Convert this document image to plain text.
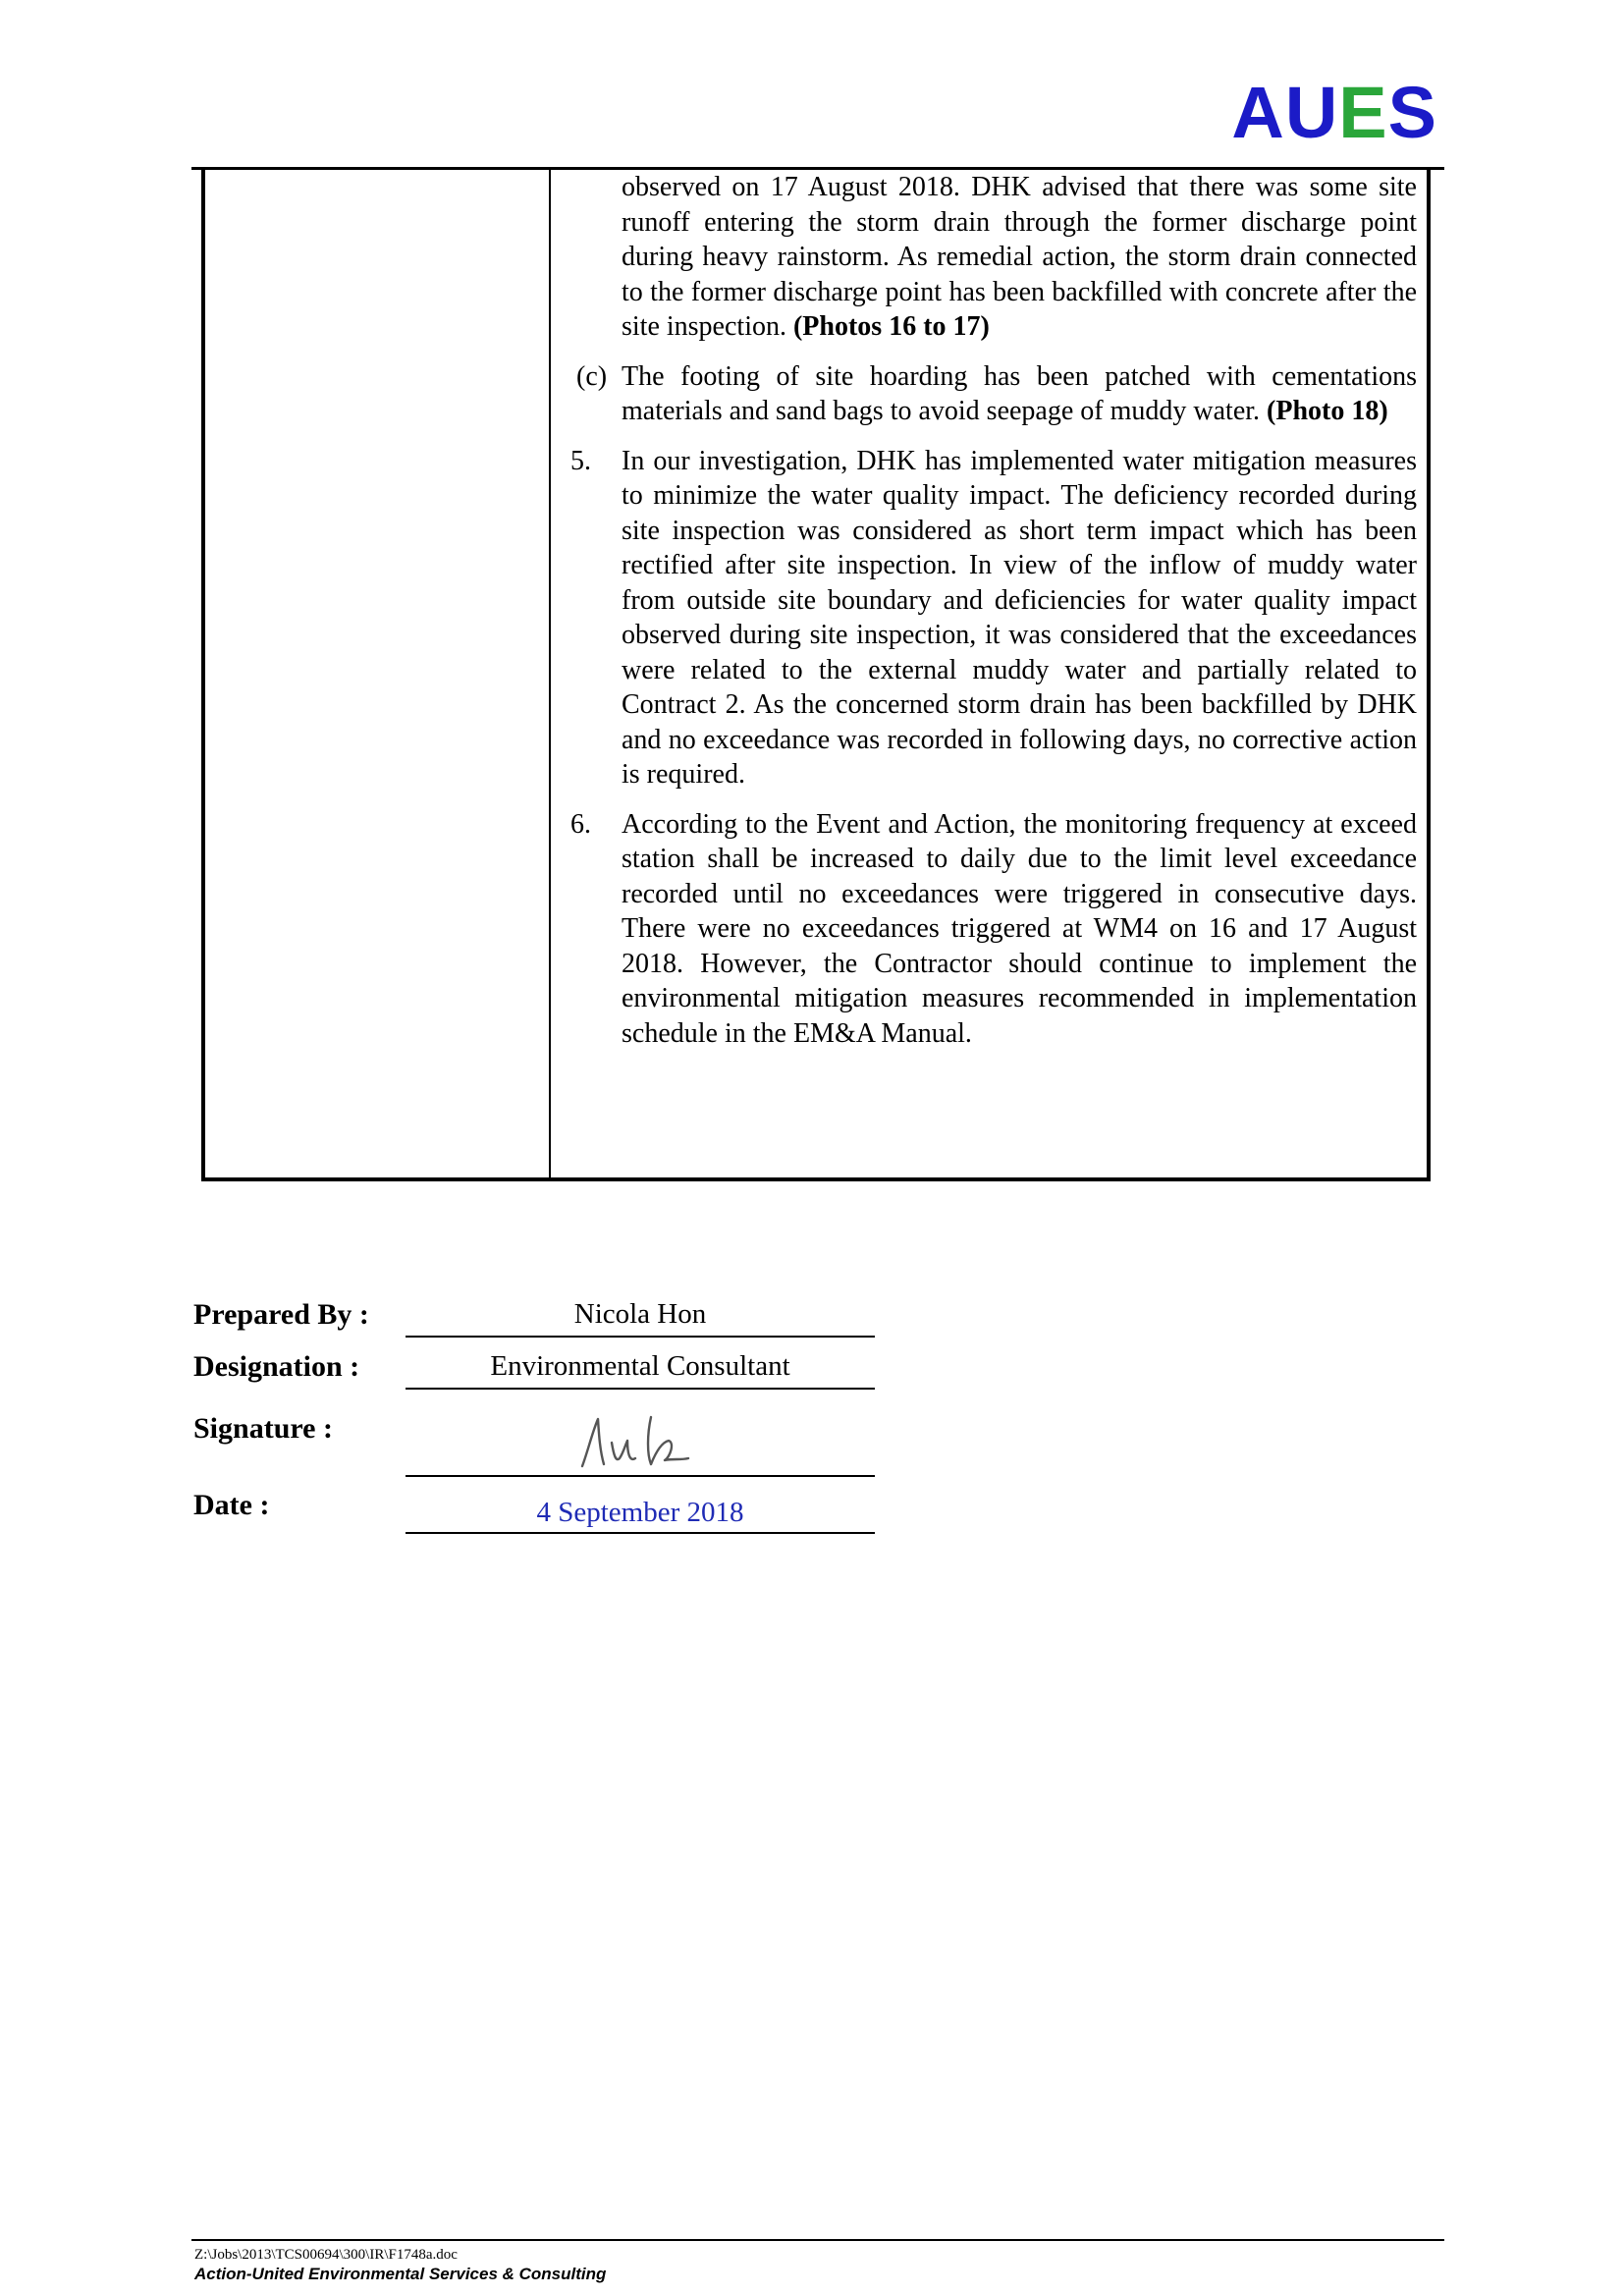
AUES

observed on 17 August 2018. DHK advised that there was some site runoff entering the storm drain through the former discharge point during heavy rainstorm. As remedial action, the storm drain connected to the former discharge point has been backfilled with concrete after the site inspection. (Photos 16 to 17)

(c) The footing of site hoarding has been patched with cementations materials and sand bags to avoid seepage of muddy water. (Photo 18)

5. In our investigation, DHK has implemented water mitigation measures to minimize the water quality impact. The deficiency recorded during site inspection was considered as short term impact which has been rectified after site inspection. In view of the inflow of muddy water from outside site boundary and deficiencies for water quality impact observed during site inspection, it was considered that the exceedances were related to the external muddy water and partially related to Contract 2. As the concerned storm drain has been backfilled by DHK and no exceedance was recorded in following days, no corrective action is required.

6. According to the Event and Action, the monitoring frequency at exceed station shall be increased to daily due to the limit level exceedance recorded until no exceedances were triggered in consecutive days. There were no exceedances triggered at WM4 on 16 and 17 August 2018. However, the Contractor should continue to implement the environmental mitigation measures recommended in implementation schedule in the EM&A Manual.

Prepared By :	Nicola Hon
Designation :	Environmental Consultant
Signature :
Date :	4 September 2018
Z:\Jobs\2013\TCS00694\300\IR\F1748a.doc
Action-United Environmental Services & Consulting
